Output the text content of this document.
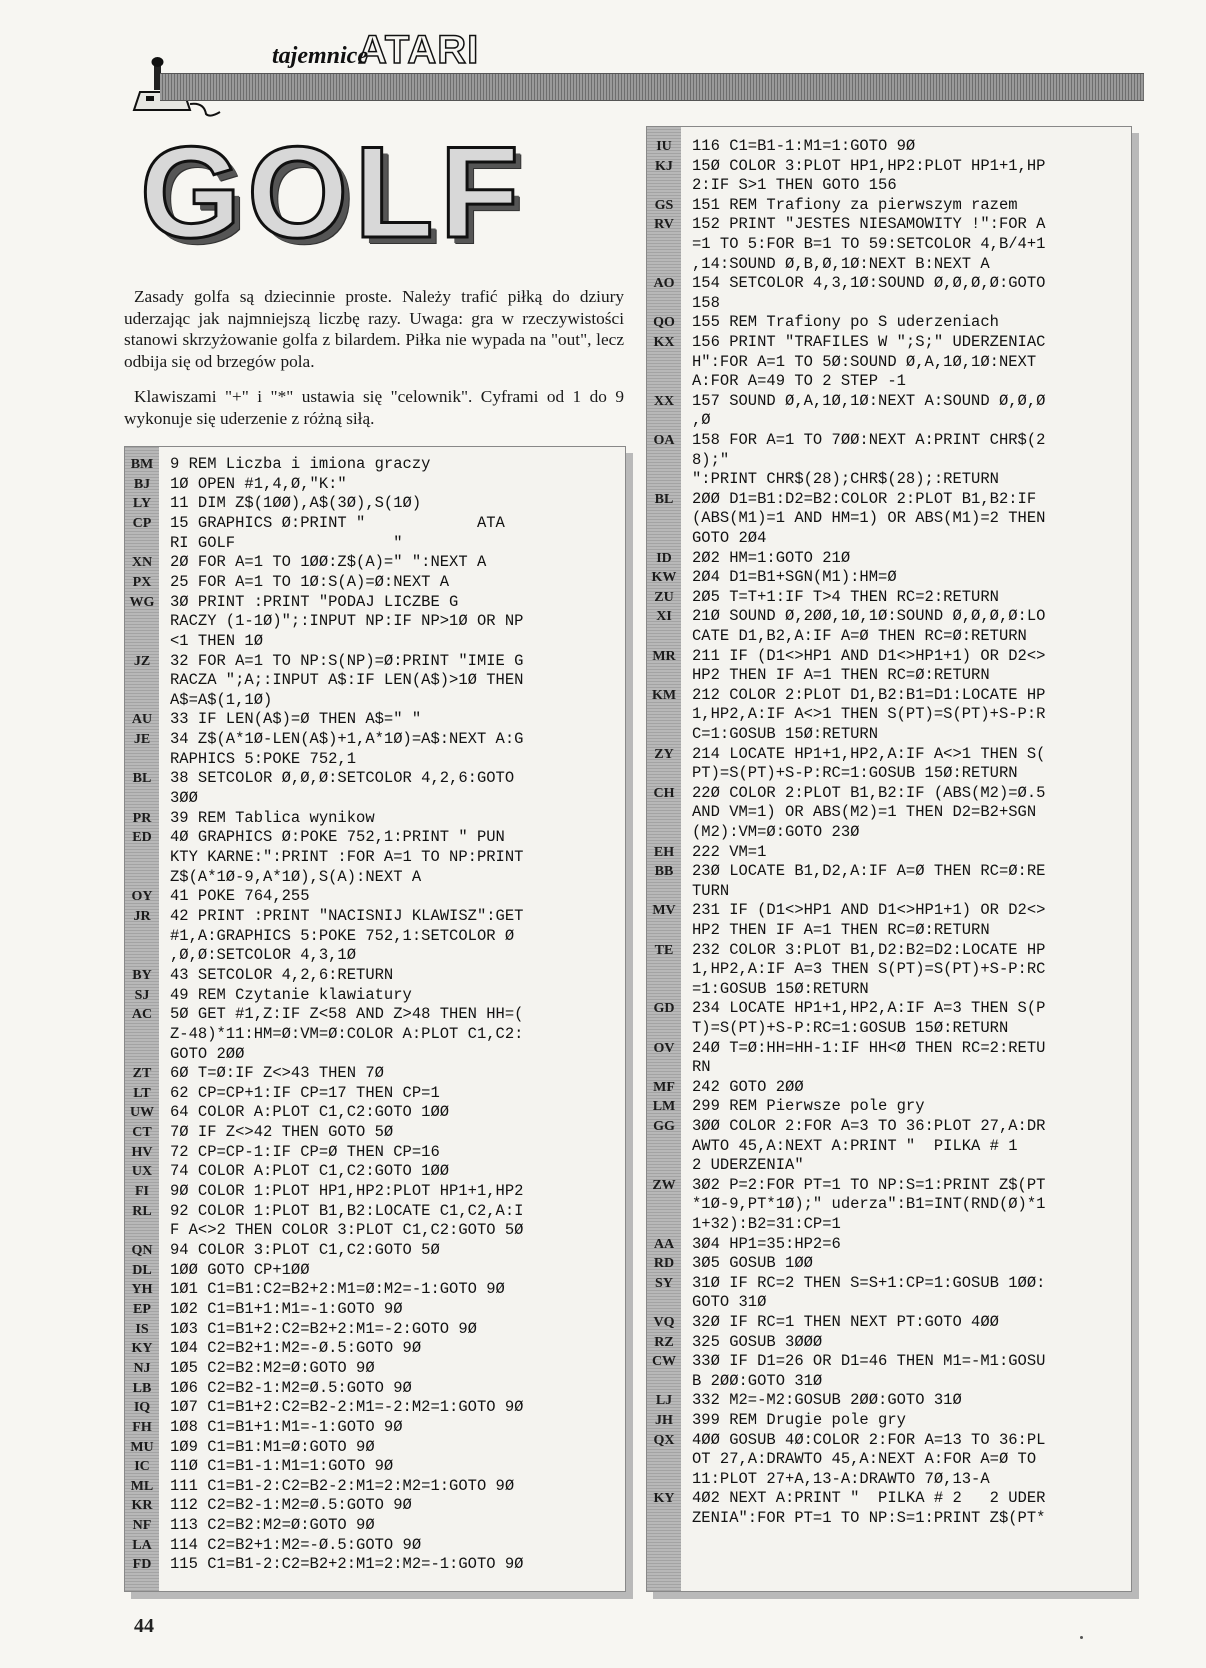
tajemnice
ATARI
GOLF

Zasady golfa są dziecinnie proste. Należy trafić piłką do dziury uderzając jak najmniejszą liczbę razy. Uwaga: gra w rzeczywistości stanowi skrzyżowanie golfa z bilardem. Piłka nie wypada na "out", lecz odbija się od brzegów pola.

Klawiszami "+" i "*" ustawia się "celownik". Cyframi od 1 do 9 wykonuje się uderzenie z różną siłą.

BM	9 REM Liczba i imiona graczy
BJ	1Ø OPEN #1,4,Ø,"K:"
LY	11 DIM Z$(1ØØ),A$(3Ø),S(1Ø)
CP	15 GRAPHICS Ø:PRINT "            ATA
RI GOLF                 "
XN	2Ø FOR A=1 TO 1ØØ:Z$(A)=" ":NEXT A
PX	25 FOR A=1 TO 1Ø:S(A)=Ø:NEXT A
WG 3Ø PRINT :PRINT "PODAJ LICZBE G
RACZY (1-1Ø)";:INPUT NP:IF NP>1Ø OR NP
<1 THEN 1Ø
JZ	32 FOR A=1 TO NP:S(NP)=Ø:PRINT "IMIE G
RACZA ";A;:INPUT A$:IF LEN(A$)>1Ø THEN
A$=A$(1,1Ø)
AU	33 IF LEN(A$)=Ø THEN A$=" "
JE	34 Z$(A*1Ø-LEN(A$)+1,A*1Ø)=A$:NEXT A:G
RAPHICS 5:POKE 752,1
BL	38 SETCOLOR Ø,Ø,Ø:SETCOLOR 4,2,6:GOTO
3ØØ
PR	39 REM Tablica wynikow
ED	4Ø GRAPHICS Ø:POKE 752,1:PRINT " PUN
KTY KARNE:":PRINT :FOR A=1 TO NP:PRINT
Z$(A*1Ø-9,A*1Ø),S(A):NEXT A
OY	41 POKE 764,255
JR	42 PRINT :PRINT "NACISNIJ KLAWISZ":GET
#1,A:GRAPHICS 5:POKE 752,1:SETCOLOR Ø
,Ø,Ø:SETCOLOR 4,3,1Ø
BY	43 SETCOLOR 4,2,6:RETURN
SJ	49 REM Czytanie klawiatury
AC	5Ø GET #1,Z:IF Z<58 AND Z>48 THEN HH=(
Z-48)*11:HM=Ø:VM=Ø:COLOR A:PLOT C1,C2:
GOTO 2ØØ
ZT	6Ø T=Ø:IF Z<>43 THEN 7Ø
LT	62 CP=CP+1:IF CP=17 THEN CP=1
UW	64 COLOR A:PLOT C1,C2:GOTO 1ØØ
CT	7Ø IF Z<>42 THEN GOTO 5Ø
HV	72 CP=CP-1:IF CP=Ø THEN CP=16
UX	74 COLOR A:PLOT C1,C2:GOTO 1ØØ
FI	9Ø COLOR 1:PLOT HP1,HP2:PLOT HP1+1,HP2
RL	92 COLOR 1:PLOT B1,B2:LOCATE C1,C2,A:I
F A<>2 THEN COLOR 3:PLOT C1,C2:GOTO 5Ø
QN	94 COLOR 3:PLOT C1,C2:GOTO 5Ø
DL	1ØØ GOTO CP+1ØØ
YH	1Ø1 C1=B1:C2=B2+2:M1=Ø:M2=-1:GOTO 9Ø
EP	1Ø2 C1=B1+1:M1=-1:GOTO 9Ø
IS	1Ø3 C1=B1+2:C2=B2+2:M1=-2:GOTO 9Ø
KY	1Ø4 C2=B2+1:M2=-Ø.5:GOTO 9Ø
NJ	1Ø5 C2=B2:M2=Ø:GOTO 9Ø
LB	1Ø6 C2=B2-1:M2=Ø.5:GOTO 9Ø
IQ	1Ø7 C1=B1+2:C2=B2-2:M1=-2:M2=1:GOTO 9Ø
FH	1Ø8 C1=B1+1:M1=-1:GOTO 9Ø
MU	1Ø9 C1=B1:M1=Ø:GOTO 9Ø
IC	11Ø C1=B1-1:M1=1:GOTO 9Ø
ML	111 C1=B1-2:C2=B2-2:M1=2:M2=1:GOTO 9Ø
KR	112 C2=B2-1:M2=Ø.5:GOTO 9Ø
NF	113 C2=B2:M2=Ø:GOTO 9Ø
LA	114 C2=B2+1:M2=-Ø.5:GOTO 9Ø
FD	115 C1=B1-2:C2=B2+2:M1=2:M2=-1:GOTO 9Ø
IU	116 C1=B1-1:M1=1:GOTO 9Ø
KJ	15Ø COLOR 3:PLOT HP1,HP2:PLOT HP1+1,HP
2:IF S>1 THEN GOTO 156
GS	151 REM Trafiony za pierwszym razem
RV	152 PRINT "JESTES NIESAMOWITY !":FOR A
=1 TO 5:FOR B=1 TO 59:SETCOLOR 4,B/4+1
,14:SOUND Ø,B,Ø,1Ø:NEXT B:NEXT A
AO	154 SETCOLOR 4,3,1Ø:SOUND Ø,Ø,Ø,Ø:GOTO
158
QO	155 REM Trafiony po S uderzeniach
KX	156 PRINT "TRAFILES W ";S;" UDERZENIAC
H":FOR A=1 TO 5Ø:SOUND Ø,A,1Ø,1Ø:NEXT
A:FOR A=49 TO 2 STEP -1
XX	157 SOUND Ø,A,1Ø,1Ø:NEXT A:SOUND Ø,Ø,Ø
,Ø
OA	158 FOR A=1 TO 7ØØ:NEXT A:PRINT CHR$(2
8);"
":PRINT CHR$(28);CHR$(28);:RETURN
BL	2ØØ D1=B1:D2=B2:COLOR 2:PLOT B1,B2:IF
(ABS(M1)=1 AND HM=1) OR ABS(M1)=2 THEN
GOTO 2Ø4
ID	2Ø2 HM=1:GOTO 21Ø
KW 2Ø4 D1=B1+SGN(M1):HM=Ø
ZU	2Ø5 T=T+1:IF T>4 THEN RC=2:RETURN
XI	21Ø SOUND Ø,2ØØ,1Ø,1Ø:SOUND Ø,Ø,Ø,Ø:LO
CATE D1,B2,A:IF A=Ø THEN RC=Ø:RETURN
MR	211 IF (D1<>HP1 AND D1<>HP1+1) OR D2<>
HP2 THEN IF A=1 THEN RC=Ø:RETURN
KM	212 COLOR 2:PLOT D1,B2:B1=D1:LOCATE HP
1,HP2,A:IF A<>1 THEN S(PT)=S(PT)+S-P:R
C=1:GOSUB 15Ø:RETURN
ZY	214 LOCATE HP1+1,HP2,A:IF A<>1 THEN S(
PT)=S(PT)+S-P:RC=1:GOSUB 15Ø:RETURN
CH	22Ø COLOR 2:PLOT B1,B2:IF (ABS(M2)=Ø.5
AND VM=1) OR ABS(M2)=1 THEN D2=B2+SGN
(M2):VM=Ø:GOTO 23Ø
EH	222 VM=1
BB	23Ø LOCATE B1,D2,A:IF A=Ø THEN RC=Ø:RE
TURN
MV	231 IF (D1<>HP1 AND D1<>HP1+1) OR D2<>
HP2 THEN IF A=1 THEN RC=Ø:RETURN
TE	232 COLOR 3:PLOT B1,D2:B2=D2:LOCATE HP
1,HP2,A:IF A=3 THEN S(PT)=S(PT)+S-P:RC
=1:GOSUB 15Ø:RETURN
GD	234 LOCATE HP1+1,HP2,A:IF A=3 THEN S(P
T)=S(PT)+S-P:RC=1:GOSUB 15Ø:RETURN
OV	24Ø T=Ø:HH=HH-1:IF HH<Ø THEN RC=2:RETU
RN
MF	242 GOTO 2ØØ
LM	299 REM Pierwsze pole gry
GG	3ØØ COLOR 2:FOR A=3 TO 36:PLOT 27,A:DR
AWTO 45,A:NEXT A:PRINT "  PILKA # 1
2 UDERZENIA"
ZW	3Ø2 P=2:FOR PT=1 TO NP:S=1:PRINT Z$(PT
*1Ø-9,PT*1Ø);" uderza":B1=INT(RND(Ø)*1
1+32):B2=31:CP=1
AA	3Ø4 HP1=35:HP2=6
RD	3Ø5 GOSUB 1ØØ
SY	31Ø IF RC=2 THEN S=S+1:CP=1:GOSUB 1ØØ:
GOTO 31Ø
VQ	32Ø IF RC=1 THEN NEXT PT:GOTO 4ØØ
RZ	325 GOSUB 3ØØØ
CW	33Ø IF D1=26 OR D1=46 THEN M1=-M1:GOSU
B 2ØØ:GOTO 31Ø
LJ	332 M2=-M2:GOSUB 2ØØ:GOTO 31Ø
JH	399 REM Drugie pole gry
QX	4ØØ GOSUB 4Ø:COLOR 2:FOR A=13 TO 36:PL
OT 27,A:DRAWTO 45,A:NEXT A:FOR A=Ø TO
11:PLOT 27+A,13-A:DRAWTO 7Ø,13-A
KY	4Ø2 NEXT A:PRINT "  PILKA # 2   2 UDER
ZENIA":FOR PT=1 TO NP:S=1:PRINT Z$(PT*
44
